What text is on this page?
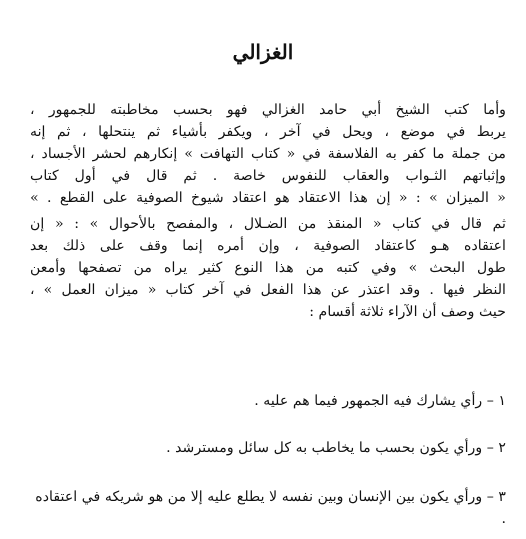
الغزالي
وأما كتب الشيخ أبي حامد الغزالي فهو بحسب مخاطبته للجمهور ،
يربط في موضع ، ويحل في آخر ، ويكفر بأشياء ثم ينتحلها ، ثم إنه
من جملة ما كفر به الفلاسفة في « كتاب التهافت » إنكارهم لحشر الأجساد ،
وإثباتهم الثـواب والعقاب للنفوس خاصة . ثم قال في أول كتاب
« الميزان » : « إن هذا الاعتقاد هو اعتقاد شيوخ الصوفية على القطع . »
ثم قال في كتاب « المنقذ من الضـلال ، والمفصح بالأحوال » : « إن
اعتقاده هـو كاعتقاد الصوفية ، وإن أمره إنما وقف على ذلك بعد
طول البحث » وفي كتبه من هذا النوع كثير يراه من تصفحها وأمعن
النظر فيها . وقد اعتذر عن هذا الفعل في آخر كتاب « ميزان العمل » ،
حيث وصف أن الآراء ثلاثة أقسام :
١ – رأي يشارك فيه الجمهور فيما هم عليه .
٢ – ورأي يكون بحسب ما يخاطب به كل سائل ومسترشد .
٣ – ورأي يكون بين الإنسان وبين نفسه لا يطلع عليه إلا من هو شريكه في اعتقاده .
